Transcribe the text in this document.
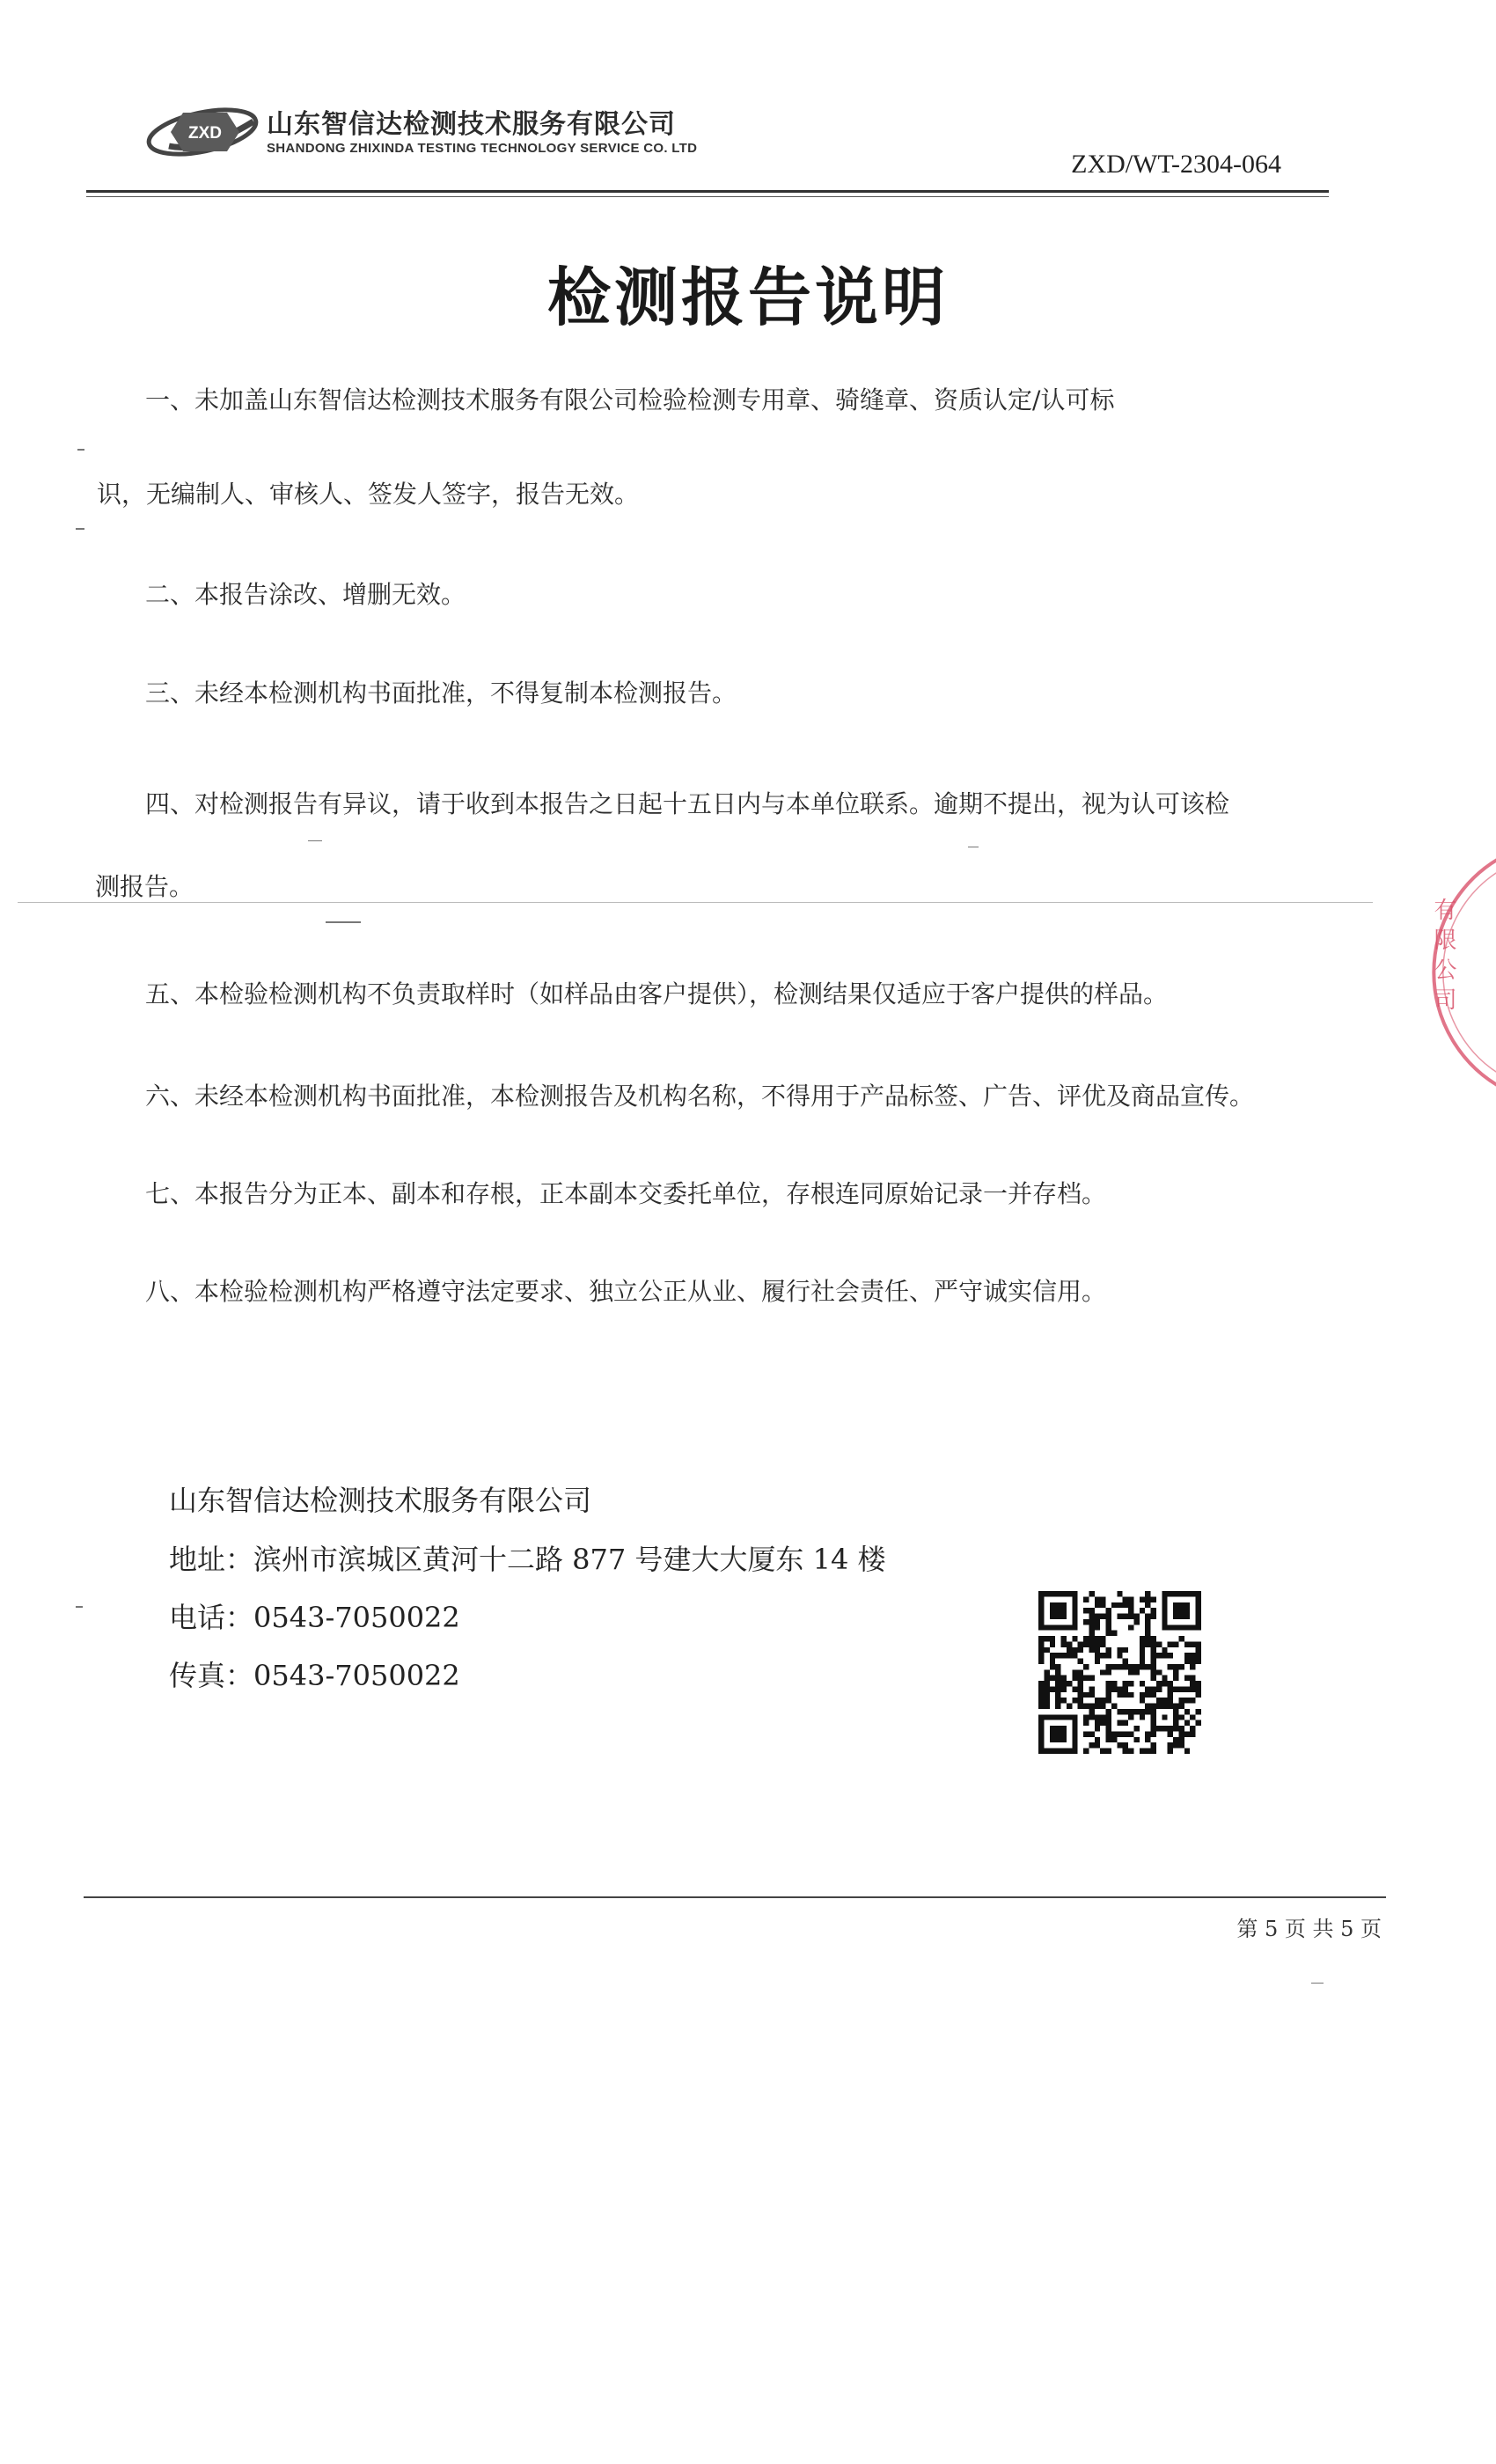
ZXD 山东智信达检测技术服务有限公司
SHANDONG ZHIXINDA TESTING TECHNOLOGY SERVICE CO. LTD
ZXD/WT-2304-064
检测报告说明
一、未加盖山东智信达检测技术服务有限公司检验检测专用章、骑缝章、资质认定/认可标
识，无编制人、审核人、签发人签字，报告无效。
二、本报告涂改、增删无效。
三、未经本检测机构书面批准，不得复制本检测报告。
四、对检测报告有异议，请于收到本报告之日起十五日内与本单位联系。逾期不提出，视为认可该检
测报告。
五、本检验检测机构不负责取样时（如样品由客户提供），检测结果仅适应于客户提供的样品。
六、未经本检测机构书面批准，本检测报告及机构名称，不得用于产品标签、广告、评优及商品宣传。
七、本报告分为正本、副本和存根，正本副本交委托单位，存根连同原始记录一并存档。
八、本检验检测机构严格遵守法定要求、独立公正从业、履行社会责任、严守诚实信用。
山东智信达检测技术服务有限公司
地址：滨州市滨城区黄河十二路 877 号建大大厦东 14 楼
电话：0543-7050022
传真：0543-7050022
有限公司
第 5 页 共 5 页
